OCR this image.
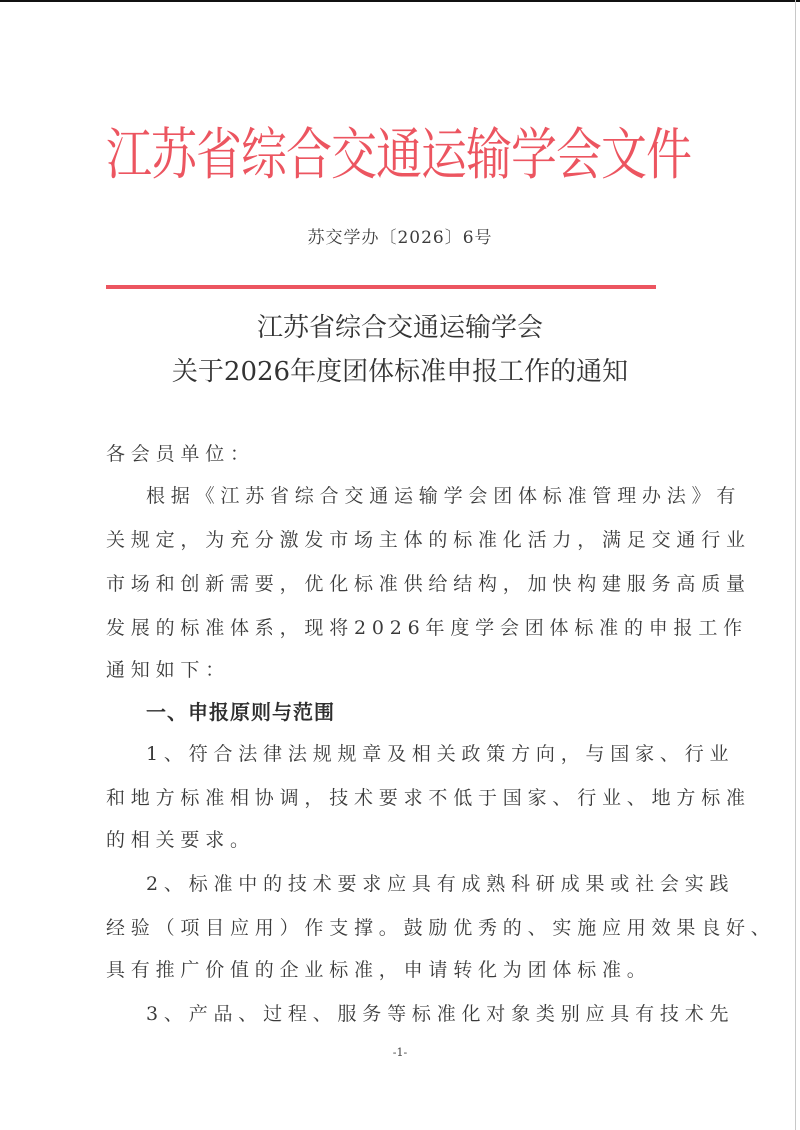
江苏省综合交通运输学会文件
苏交学办〔2026〕6号
江苏省综合交通运输学会
关于2026年度团体标准申报工作的通知
各会员单位：
根据《江苏省综合交通运输学会团体标准管理办法》有
关规定，为充分激发市场主体的标准化活力，满足交通行业
市场和创新需要，优化标准供给结构，加快构建服务高质量
发展的标准体系，现将2026年度学会团体标准的申报工作
通知如下：
一、申报原则与范围
1、符合法律法规规章及相关政策方向，与国家、行业
和地方标准相协调，技术要求不低于国家、行业、地方标准
的相关要求。
2、标准中的技术要求应具有成熟科研成果或社会实践
经验（项目应用）作支撑。鼓励优秀的、实施应用效果良好、
具有推广价值的企业标准，申请转化为团体标准。
3、产品、过程、服务等标准化对象类别应具有技术先
-1-
